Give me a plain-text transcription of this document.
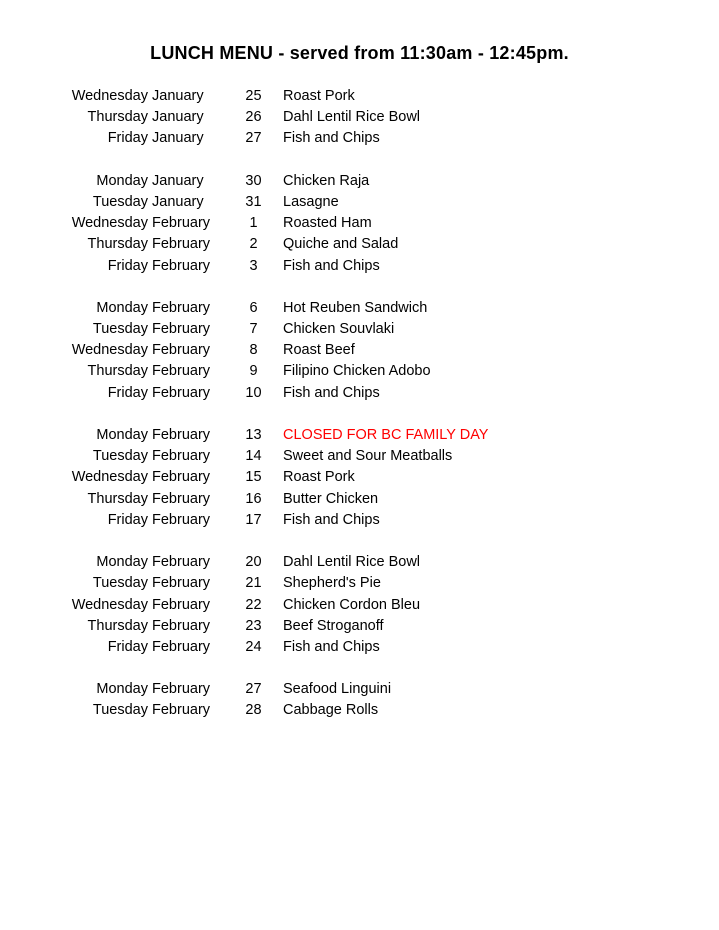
LUNCH MENU - served from 11:30am - 12:45pm.
Wednesday January	25	Roast Pork
Thursday January	26	Dahl Lentil Rice Bowl
Friday January	27	Fish and Chips
Monday January	30	Chicken Raja
Tuesday January	31	Lasagne
Wednesday February	1	Roasted Ham
Thursday February	2	Quiche and Salad
Friday February	3	Fish and Chips
Monday February	6	Hot Reuben Sandwich
Tuesday February	7	Chicken Souvlaki
Wednesday February	8	Roast Beef
Thursday February	9	Filipino Chicken Adobo
Friday February	10	Fish and Chips
Monday February	13	CLOSED FOR BC FAMILY DAY
Tuesday February	14	Sweet and Sour Meatballs
Wednesday February	15	Roast Pork
Thursday February	16	Butter Chicken
Friday February	17	Fish and Chips
Monday February	20	Dahl Lentil Rice Bowl
Tuesday February	21	Shepherd's Pie
Wednesday February	22	Chicken Cordon Bleu
Thursday February	23	Beef Stroganoff
Friday February	24	Fish and Chips
Monday February	27	Seafood Linguini
Tuesday February	28	Cabbage Rolls
